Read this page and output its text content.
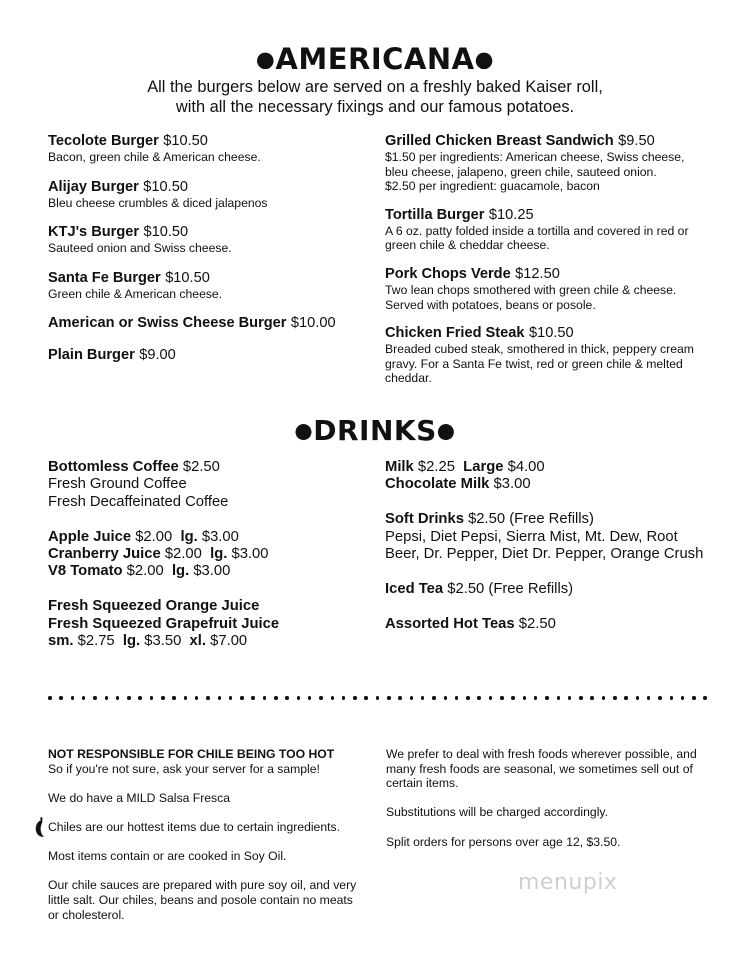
●AMERICANA●
All the burgers below are served on a freshly baked Kaiser roll,
with all the necessary fixings and our famous potatoes.
Tecolote Burger $10.50
Bacon, green chile & American cheese.
Alijay Burger $10.50
Bleu cheese crumbles & diced jalapenos
KTJ's Burger $10.50
Sauteed onion and Swiss cheese.
Santa Fe Burger $10.50
Green chile & American cheese.
American or Swiss Cheese Burger $10.00
Plain Burger $9.00
Grilled Chicken Breast Sandwich $9.50
$1.50 per ingredients: American cheese, Swiss cheese,
bleu cheese, jalapeno, green chile, sauteed onion.
$2.50 per ingredient: guacamole, bacon
Tortilla Burger $10.25
A 6 oz. patty folded inside a tortilla and covered in red or
green chile & cheddar cheese.
Pork Chops Verde $12.50
Two lean chops smothered with green chile & cheese.
Served with potatoes, beans or posole.
Chicken Fried Steak $10.50
Breaded cubed steak, smothered in thick, peppery cream
gravy. For a Santa Fe twist, red or green chile & melted
cheddar.
●DRINKS●
Bottomless Coffee $2.50
Fresh Ground Coffee
Fresh Decaffeinated Coffee
Apple Juice $2.00 lg. $3.00
Cranberry Juice $2.00 lg. $3.00
V8 Tomato $2.00 lg. $3.00
Fresh Squeezed Orange Juice
Fresh Squeezed Grapefruit Juice
sm. $2.75 lg. $3.50 xl. $7.00
Milk $2.25 Large $4.00
Chocolate Milk $3.00
Soft Drinks $2.50 (Free Refills)
Pepsi, Diet Pepsi, Sierra Mist, Mt. Dew, Root
Beer, Dr. Pepper, Diet Dr. Pepper, Orange Crush
Iced Tea $2.50 (Free Refills)
Assorted Hot Teas $2.50
NOT RESPONSIBLE FOR CHILE BEING TOO HOT
So if you're not sure, ask your server for a sample!
We do have a MILD Salsa Fresca
Chiles are our hottest items due to certain ingredients.
Most items contain or are cooked in Soy Oil.
Our chile sauces are prepared with pure soy oil, and very
little salt. Our chiles, beans and posole contain no meats
or cholesterol.
We prefer to deal with fresh foods wherever possible, and
many fresh foods are seasonal, we sometimes sell out of
certain items.
Substitutions will be charged accordingly.
Split orders for persons over age 12, $3.50.
menupix
